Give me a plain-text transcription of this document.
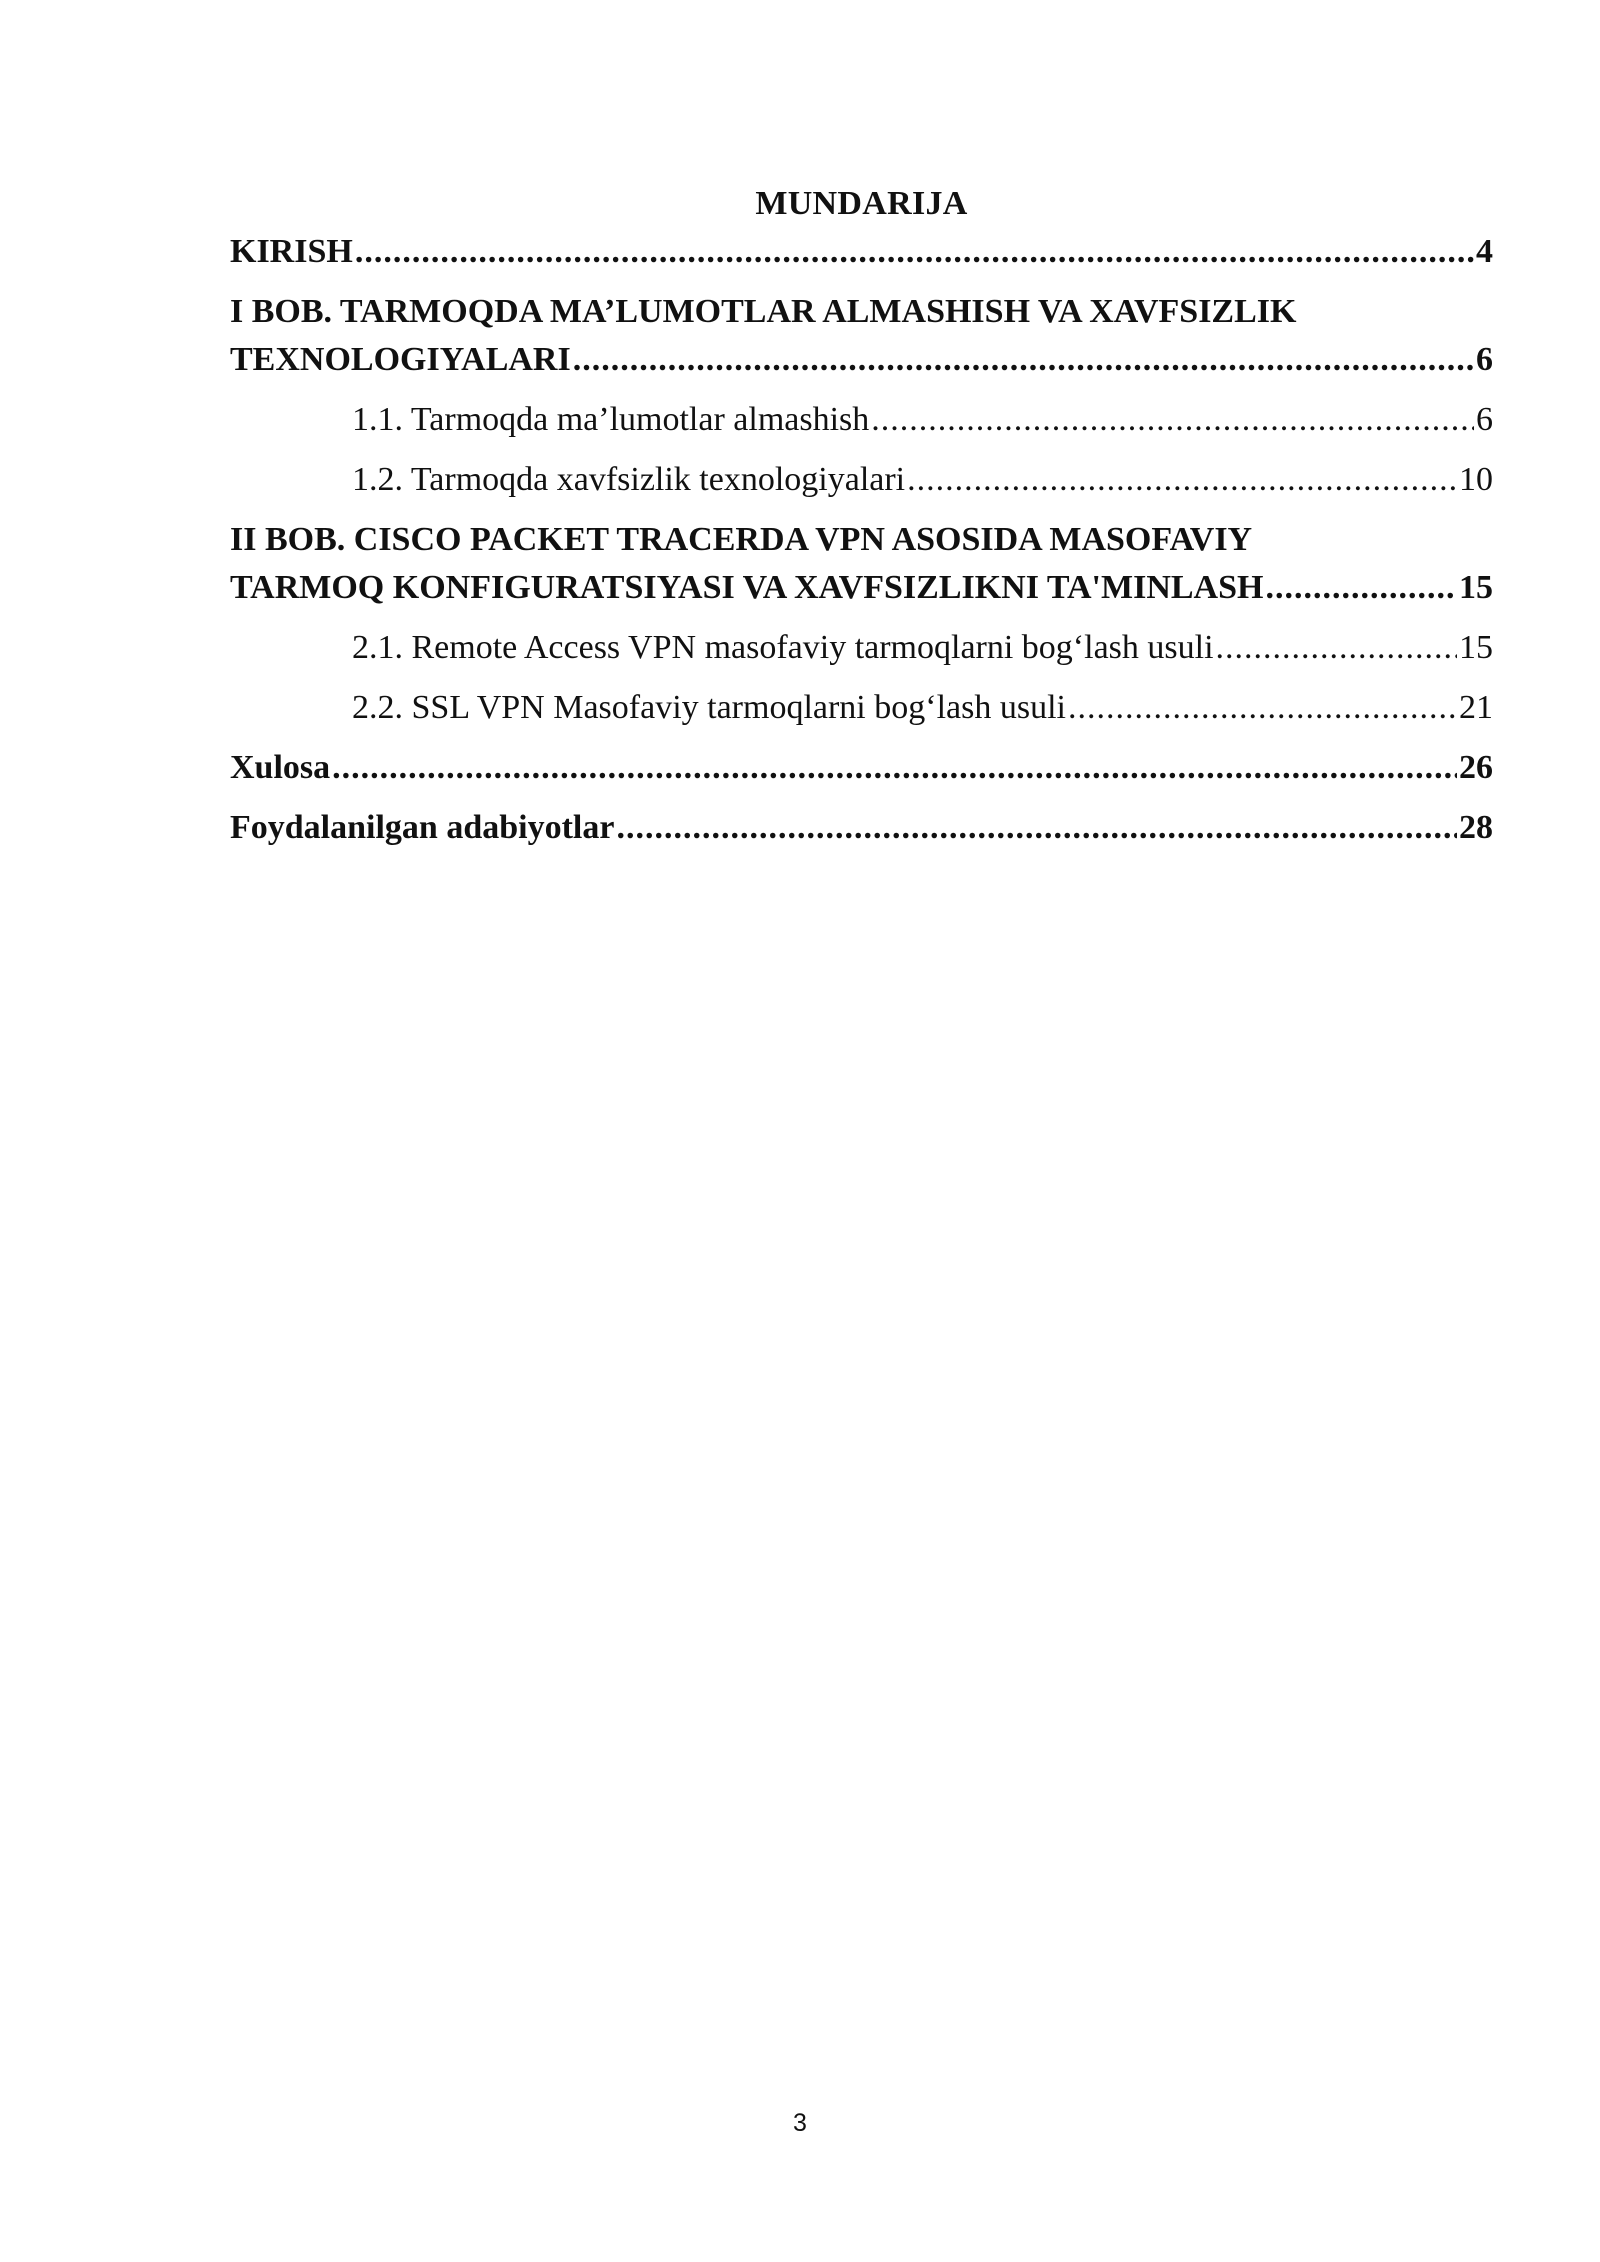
MUNDARIJA
KIRISH .....	4
I BOB. TARMOQDA MA’LUMOTLAR ALMASHISH VA XAVFSIZLIK
TEXNOLOGIYALARI .....	6
1.1. Tarmoqda ma’lumotlar almashish .....	6
1.2. Tarmoqda xavfsizlik texnologiyalari .....	10
II BOB. CISCO PACKET TRACERDA VPN ASOSIDA MASOFAVIY
TARMOQ KONFIGURATSIYASI VA XAVFSIZLIKNI TA'MINLASH .....	15
2.1. Remote Access VPN masofaviy tarmoqlarni bog‘lash usuli .....	15
2.2. SSL VPN Masofaviy tarmoqlarni bog‘lash usuli .....	21
Xulosa .....	26
Foydalanilgan adabiyotlar .....	28
3
